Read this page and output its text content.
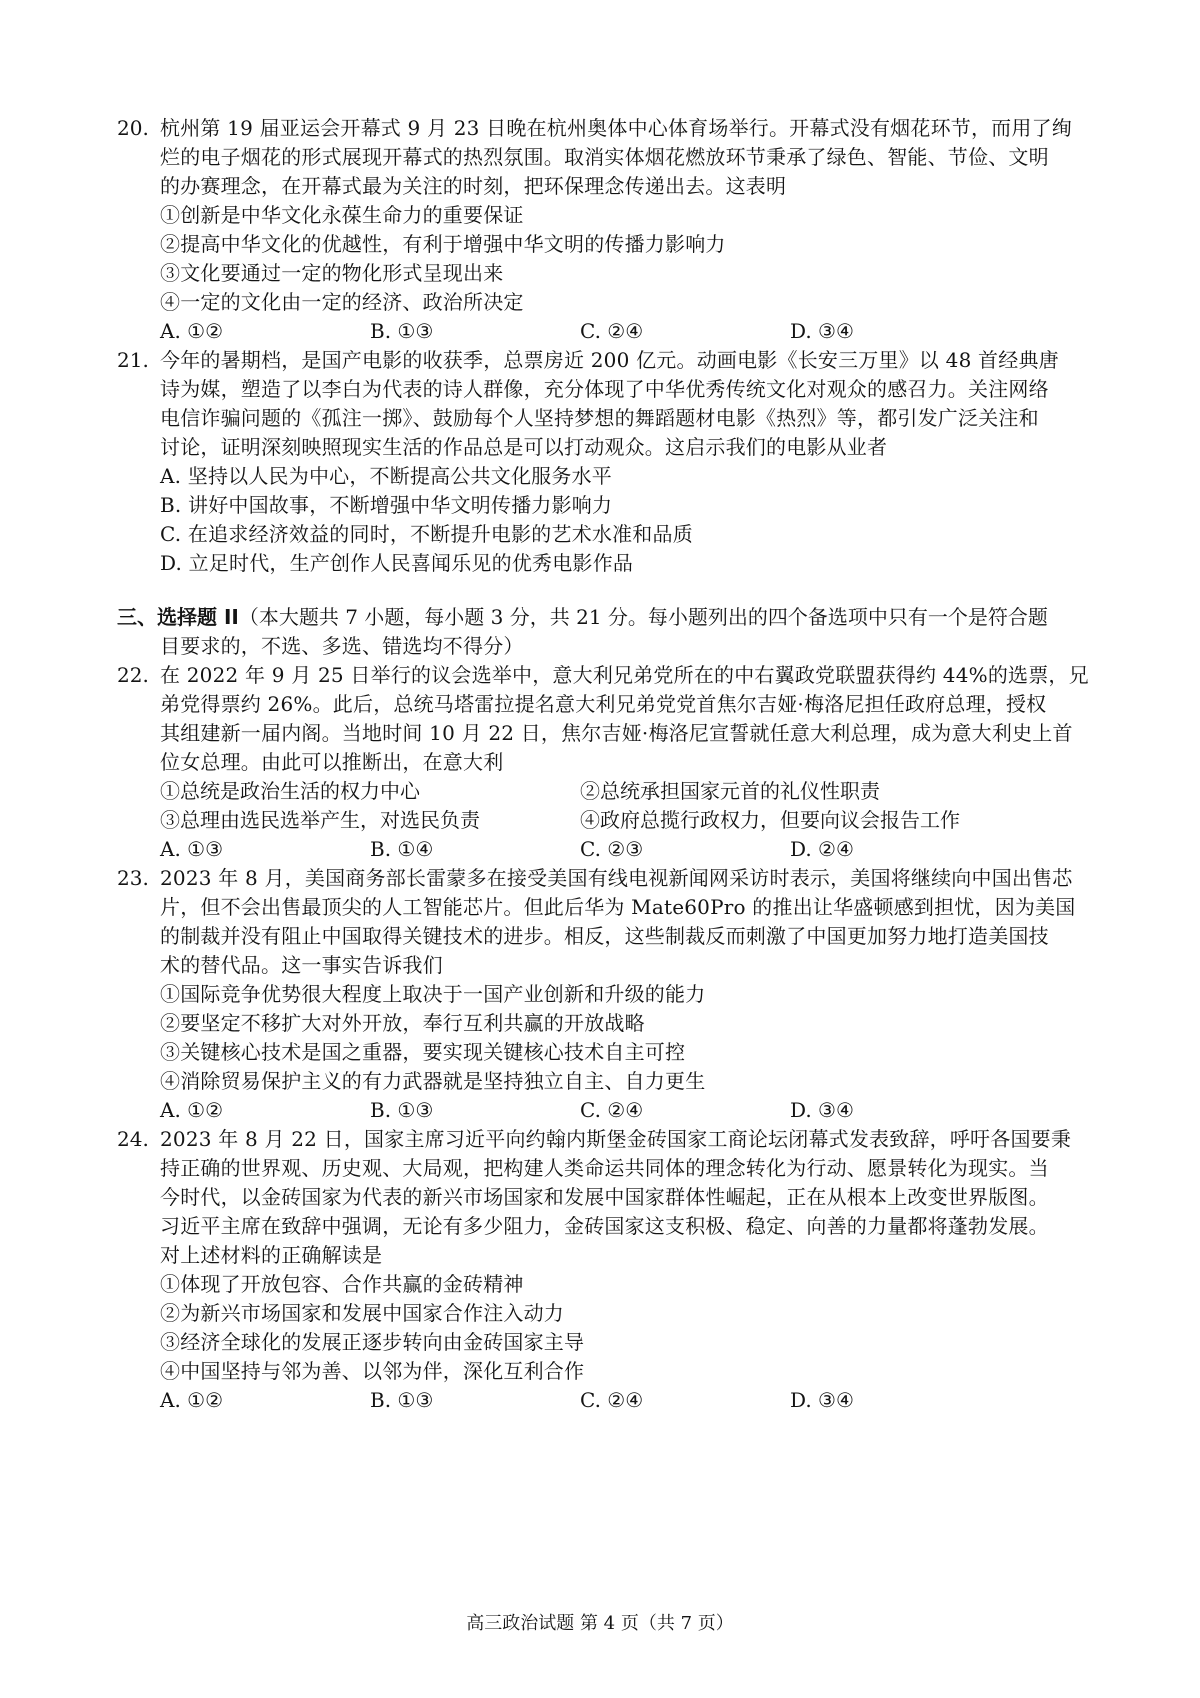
20. 杭州第 19 届亚运会开幕式 9 月 23 日晚在杭州奥体中心体育场举行。开幕式没有烟花环节，而用了绚
烂的电子烟花的形式展现开幕式的热烈氛围。取消实体烟花燃放环节秉承了绿色、智能、节俭、文明
的办赛理念，在开幕式最为关注的时刻，把环保理念传递出去。这表明
①创新是中华文化永葆生命力的重要保证
②提高中华文化的优越性，有利于增强中华文明的传播力影响力
③文化要通过一定的物化形式呈现出来
④一定的文化由一定的经济、政治所决定
A. ①②	B. ①③	C. ②④	D. ③④
21. 今年的暑期档，是国产电影的收获季，总票房近 200 亿元。动画电影《长安三万里》以 48 首经典唐
诗为媒，塑造了以李白为代表的诗人群像，充分体现了中华优秀传统文化对观众的感召力。关注网络
电信诈骗问题的《孤注一掷》、鼓励每个人坚持梦想的舞蹈题材电影《热烈》等，都引发广泛关注和
讨论，证明深刻映照现实生活的作品总是可以打动观众。这启示我们的电影从业者
A. 坚持以人民为中心，不断提高公共文化服务水平
B. 讲好中国故事，不断增强中华文明传播力影响力
C. 在追求经济效益的同时，不断提升电影的艺术水准和品质
D. 立足时代，生产创作人民喜闻乐见的优秀电影作品
三、选择题 II（本大题共 7 小题，每小题 3 分，共 21 分。每小题列出的四个备选项中只有一个是符合题
目要求的，不选、多选、错选均不得分）
22. 在 2022 年 9 月 25 日举行的议会选举中，意大利兄弟党所在的中右翼政党联盟获得约 44%的选票，兄
弟党得票约 26%。此后，总统马塔雷拉提名意大利兄弟党党首焦尔吉娅·梅洛尼担任政府总理，授权
其组建新一届内阁。当地时间 10 月 22 日，焦尔吉娅·梅洛尼宣誓就任意大利总理，成为意大利史上首
位女总理。由此可以推断出，在意大利
①总统是政治生活的权力中心	②总统承担国家元首的礼仪性职责
③总理由选民选举产生，对选民负责	④政府总揽行政权力，但要向议会报告工作
A. ①③	B. ①④	C. ②③	D. ②④
23. 2023 年 8 月，美国商务部长雷蒙多在接受美国有线电视新闻网采访时表示，美国将继续向中国出售芯
片，但不会出售最顶尖的人工智能芯片。但此后华为 Mate60Pro 的推出让华盛顿感到担忧，因为美国
的制裁并没有阻止中国取得关键技术的进步。相反，这些制裁反而刺激了中国更加努力地打造美国技
术的替代品。这一事实告诉我们
①国际竞争优势很大程度上取决于一国产业创新和升级的能力
②要坚定不移扩大对外开放，奉行互利共赢的开放战略
③关键核心技术是国之重器，要实现关键核心技术自主可控
④消除贸易保护主义的有力武器就是坚持独立自主、自力更生
A. ①②	B. ①③	C. ②④	D. ③④
24. 2023 年 8 月 22 日，国家主席习近平向约翰内斯堡金砖国家工商论坛闭幕式发表致辞，呼吁各国要秉
持正确的世界观、历史观、大局观，把构建人类命运共同体的理念转化为行动、愿景转化为现实。当
今时代，以金砖国家为代表的新兴市场国家和发展中国家群体性崛起，正在从根本上改变世界版图。
习近平主席在致辞中强调，无论有多少阻力，金砖国家这支积极、稳定、向善的力量都将蓬勃发展。
对上述材料的正确解读是
①体现了开放包容、合作共赢的金砖精神
②为新兴市场国家和发展中国家合作注入动力
③经济全球化的发展正逐步转向由金砖国家主导
④中国坚持与邻为善、以邻为伴，深化互利合作
A. ①②	B. ①③	C. ②④	D. ③④
高三政治试题 第 4 页（共 7 页）
